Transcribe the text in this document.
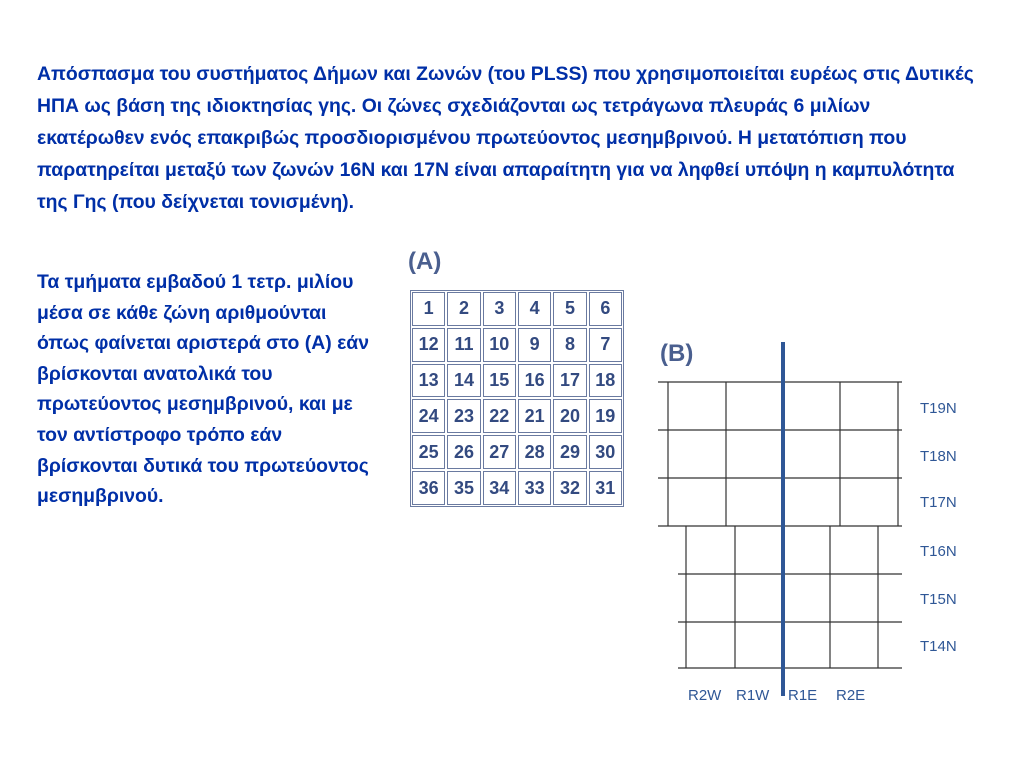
Απόσπασμα του συστήματος Δήμων και Ζωνών (του PLSS) που χρησιμοποιείται ευρέως στις Δυτικές ΗΠΑ ως βάση της ιδιοκτησίας γης. Οι ζώνες σχεδιάζονται ως τετράγωνα πλευράς 6 μιλίων εκατέρωθεν ενός επακριβώς προσδιορισμένου πρωτεύοντος μεσημβρινού. Η μετατόπιση που παρατηρείται μεταξύ των ζωνών 16N και 17N είναι απαραίτητη για να ληφθεί υπόψη η καμπυλότητα της Γης (που δείχνεται τονισμένη).

Τα τμήματα εμβαδού 1 τετρ. μιλίου μέσα σε κάθε ζώνη αριθμούνται όπως φαίνεται αριστερά στο (Α) εάν βρίσκονται ανατολικά του πρωτεύοντος μεσημβρινού, και με τον αντίστροφο τρόπο εάν βρίσκονται δυτικά του πρωτεύοντος μεσημβρινού.

(A)
1	2	3	4	5	6
12 11 10	9	8	7
13 14 15 16 17 18
24 23 22 21 20 19
25 26 27 28 29 30
36 35 34 33 32 31
(B)
T19N
T18N
T17N
T16N
T15N
T14N
R2W R1W R1E R2E
